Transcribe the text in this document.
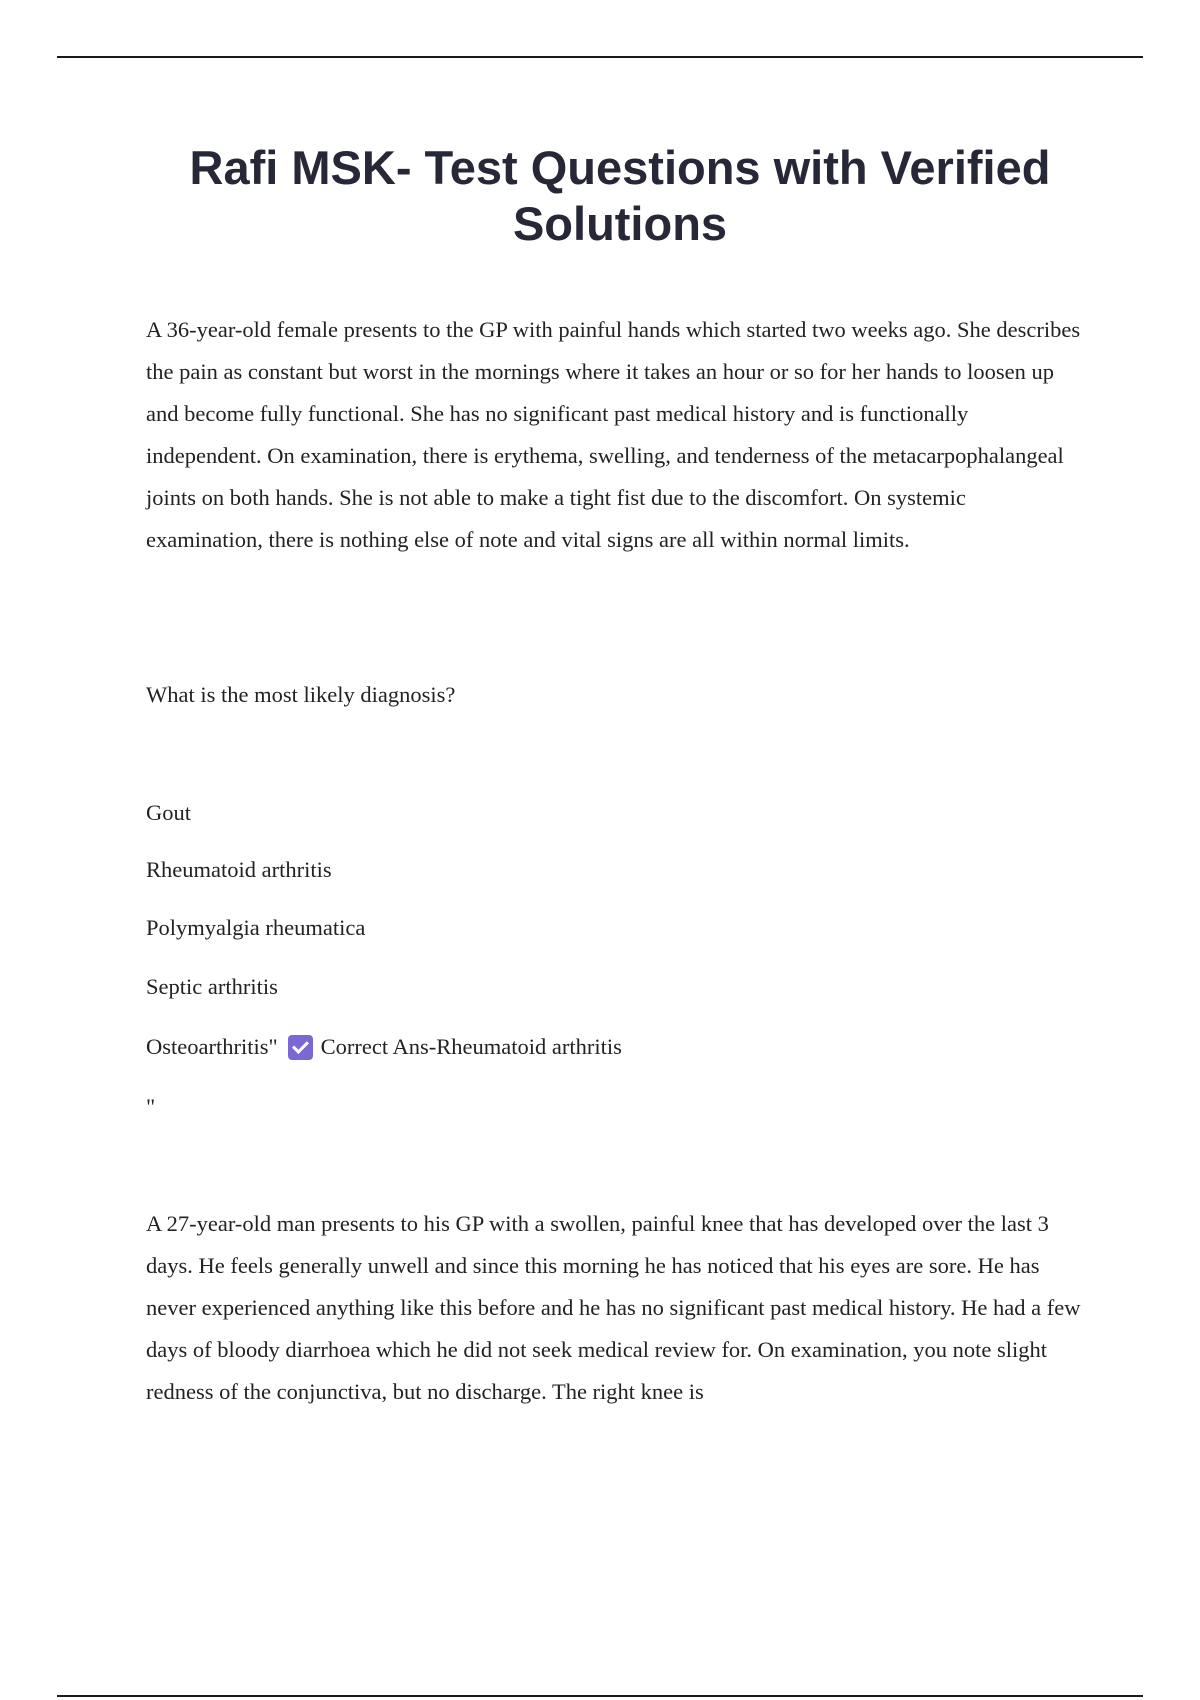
Rafi MSK- Test Questions with Verified Solutions

A 36-year-old female presents to the GP with painful hands which started two weeks ago. She describes the pain as constant but worst in the mornings where it takes an hour or so for her hands to loosen up and become fully functional. She has no significant past medical history and is functionally independent. On examination, there is erythema, swelling, and tenderness of the metacarpophalangeal joints on both hands. She is not able to make a tight fist due to the discomfort. On systemic examination, there is nothing else of note and vital signs are all within normal limits.

What is the most likely diagnosis?

Gout

Rheumatoid arthritis

Polymyalgia rheumatica

Septic arthritis

Osteoarthritis" Correct Ans-Rheumatoid arthritis

"

A 27-year-old man presents to his GP with a swollen, painful knee that has developed over the last 3 days. He feels generally unwell and since this morning he has noticed that his eyes are sore. He has never experienced anything like this before and he has no significant past medical history. He had a few days of bloody diarrhoea which he did not seek medical review for. On examination, you note slight redness of the conjunctiva, but no discharge. The right knee is
